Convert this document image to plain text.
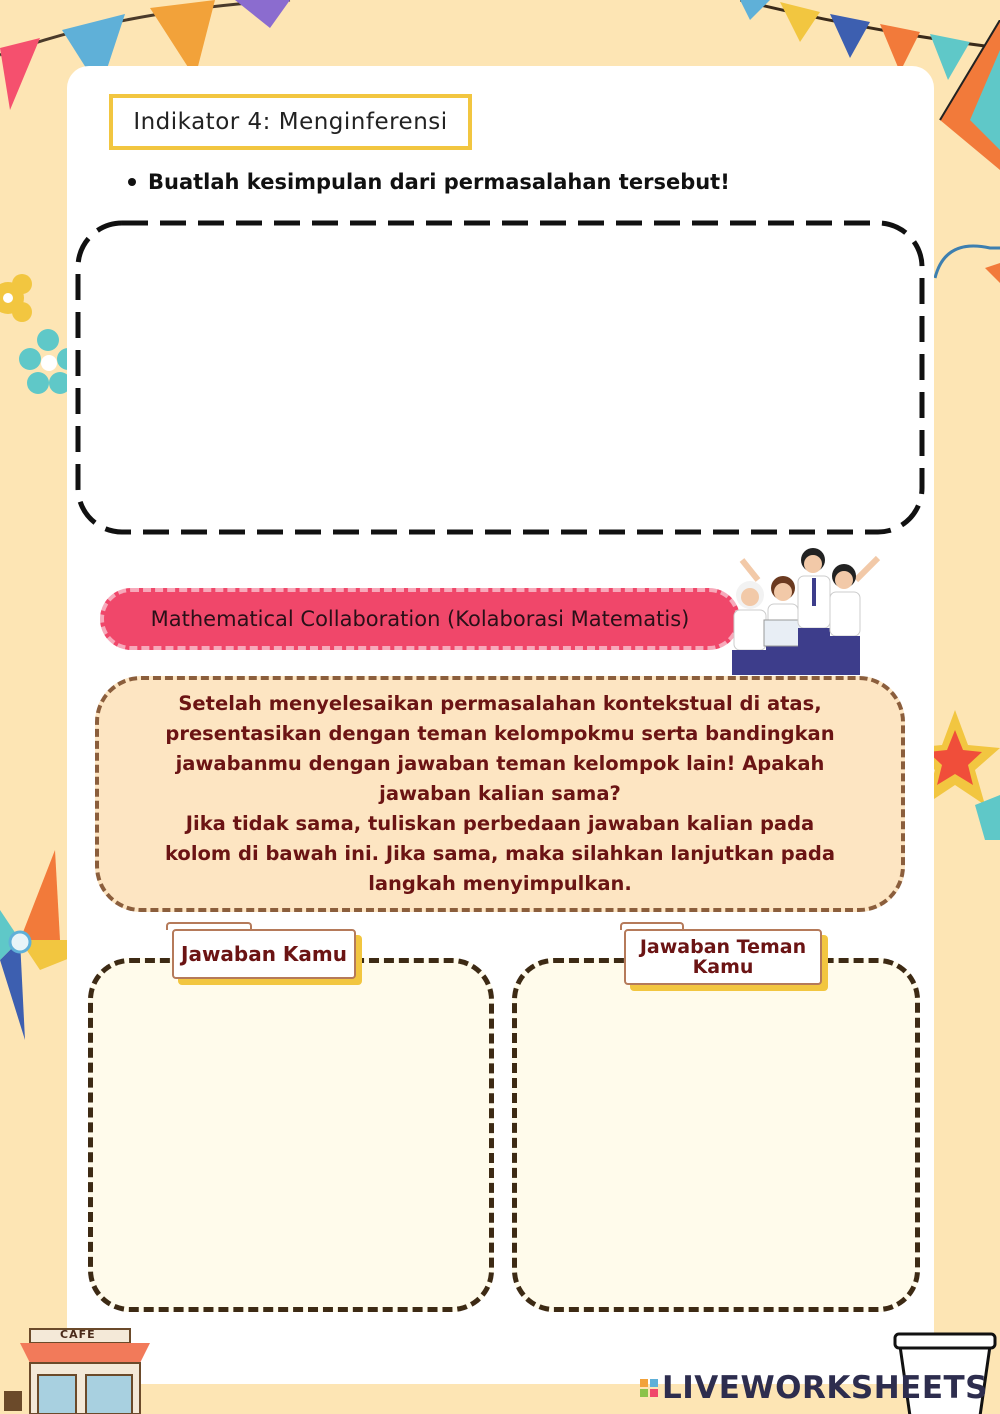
Indikator 4: Menginferensi
Buatlah kesimpulan dari permasalahan tersebut!
Mathematical Collaboration (Kolaborasi Matematis)
Setelah menyelesaikan permasalahan kontekstual di atas, presentasikan dengan teman kelompokmu serta bandingkan jawabanmu dengan jawaban teman kelompok lain! Apakah jawaban kalian sama?
Jika tidak sama, tuliskan perbedaan jawaban kalian pada kolom di bawah ini. Jika sama, maka silahkan lanjutkan pada langkah menyimpulkan.
Jawaban Kamu	Jawaban Teman
Kamu
CAFE
LIVEWORKSHEETS
